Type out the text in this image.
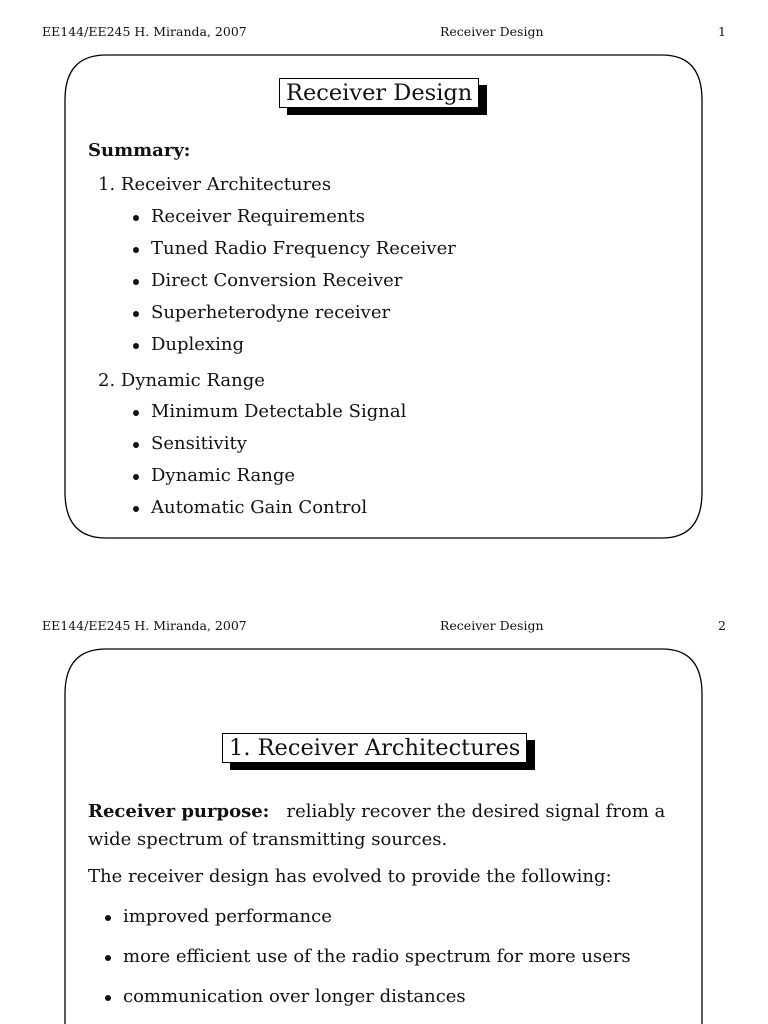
EE144/EE245 H. Miranda, 2007	Receiver Design	1
Receiver Design
Summary:
1. Receiver Architectures
Receiver Requirements
Tuned Radio Frequency Receiver
Direct Conversion Receiver
Superheterodyne receiver
Duplexing
2. Dynamic Range
Minimum Detectable Signal
Sensitivity
Dynamic Range
Automatic Gain Control
EE144/EE245 H. Miranda, 2007	Receiver Design	2
1. Receiver Architectures
Receiver purpose: reliably recover the desired signal from a
wide spectrum of transmitting sources.
The receiver design has evolved to provide the following:
improved performance
more efficient use of the radio spectrum for more users
communication over longer distances
